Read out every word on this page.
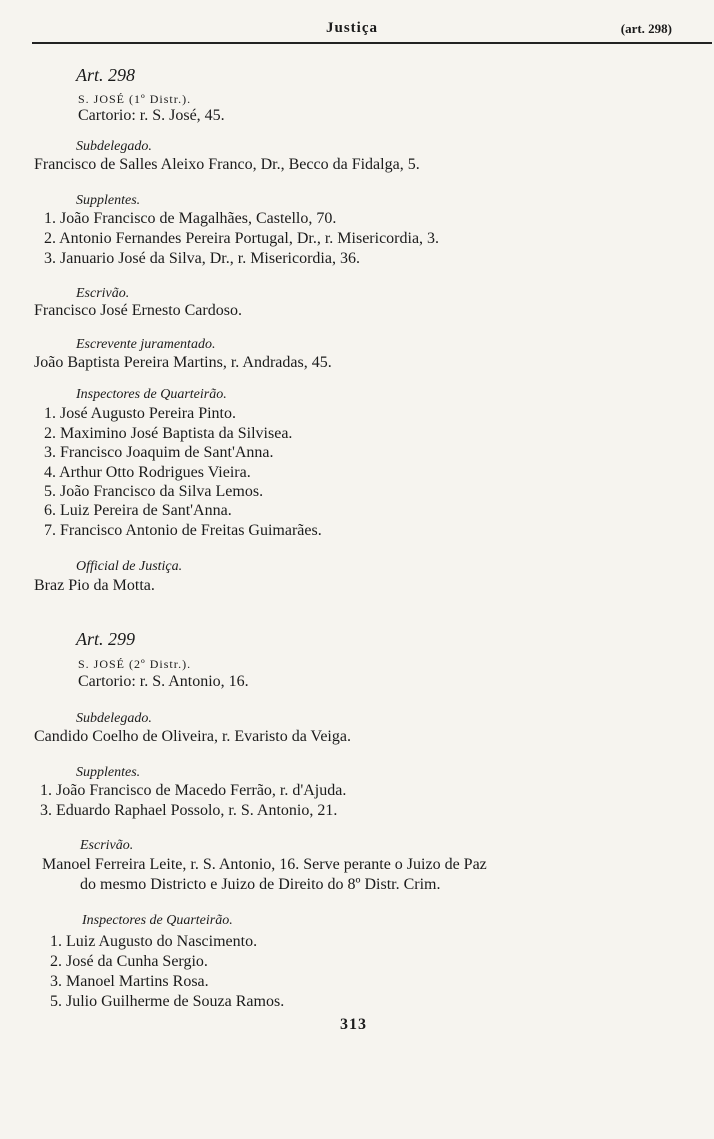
Justiça	(art. 298)
Art. 298
S. JOSÉ (1º Distr.).
Cartorio: r. S. José, 45.
Subdelegado.
Francisco de Salles Aleixo Franco, Dr., Becco da Fidalga, 5.
Supplentes.
1. João Francisco de Magalhães, Castello, 70.
2. Antonio Fernandes Pereira Portugal, Dr., r. Misericordia, 3.
3. Januario José da Silva, Dr., r. Misericordia, 36.
Escrivão.
Francisco José Ernesto Cardoso.
Escrevente juramentado.
João Baptista Pereira Martins, r. Andradas, 45.
Inspectores de Quarteirão.
1. José Augusto Pereira Pinto.
2. Maximino José Baptista da Silvisea.
3. Francisco Joaquim de Sant'Anna.
4. Arthur Otto Rodrigues Vieira.
5. João Francisco da Silva Lemos.
6. Luiz Pereira de Sant'Anna.
7. Francisco Antonio de Freitas Guimarães.
Official de Justiça.
Braz Pio da Motta.
Art. 299
S. JOSÉ (2º Distr.).
Cartorio: r. S. Antonio, 16.
Subdelegado.
Candido Coelho de Oliveira, r. Evaristo da Veiga.
Supplentes.
1. João Francisco de Macedo Ferrão, r. d'Ajuda.
3. Eduardo Raphael Possolo, r. S. Antonio, 21.
Escrivão.
Manoel Ferreira Leite, r. S. Antonio, 16. Serve perante o Juizo de Paz
do mesmo Districto e Juizo de Direito do 8º Distr. Crim.
Inspectores de Quarteirão.
1. Luiz Augusto do Nascimento.
2. José da Cunha Sergio.
3. Manoel Martins Rosa.
5. Julio Guilherme de Souza Ramos.
313
